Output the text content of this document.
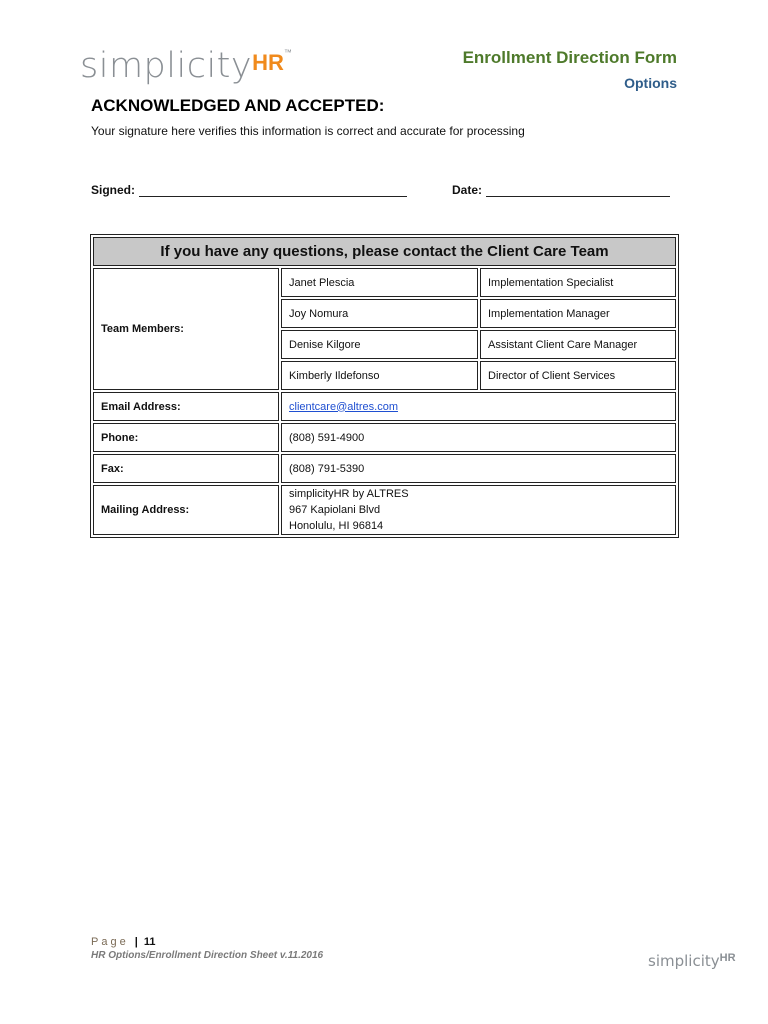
simplicityHR™	Enrollment Direction Form
Options
ACKNOWLEDGED AND ACCEPTED:
Your signature here verifies this information is correct and accurate for processing
Signed:	Date:
If you have any questions, please contact the Client Care Team		
Team Members:	Janet Plescia	Implementation Specialist
	Joy Nomura	Implementation Manager
	Denise Kilgore	Assistant Client Care Manager
	Kimberly Ildefonso	Director of Client Services
Email Address:	clientcare@altres.com	
Phone:	(808) 591-4900	
Fax:	(808) 791-5390	
Mailing Address:	simplicityHR by ALTRES
967 Kapiolani Blvd
Honolulu, HI 96814	
Page | 11
HR Options/Enrollment Direction Sheet v.11.2016	simplicity$^{HR}$
